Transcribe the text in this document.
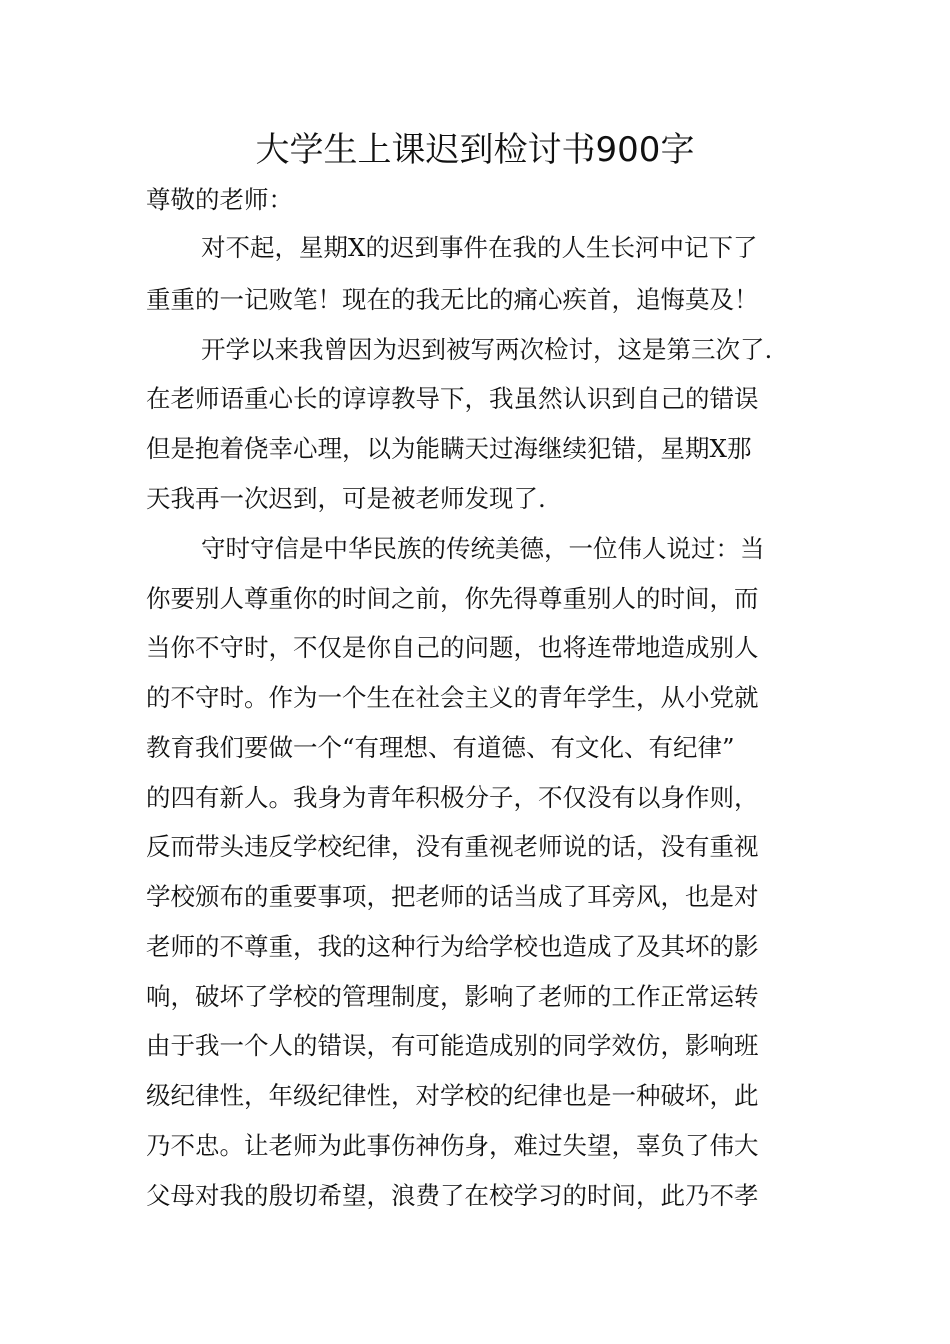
大学生上课迟到检讨书900字
尊敬的老师：
对不起，星期X的迟到事件在我的人生长河中记下了
重重的一记败笔！现在的我无比的痛心疾首，追悔莫及！
开学以来我曾因为迟到被写两次检讨，这是第三次了.
在老师语重心长的谆谆教导下，我虽然认识到自己的错误
但是抱着侥幸心理，以为能瞒天过海继续犯错，星期X那
天我再一次迟到，可是被老师发现了.
守时守信是中华民族的传统美德，一位伟人说过：当
你要别人尊重你的时间之前，你先得尊重别人的时间，而
当你不守时，不仅是你自己的问题，也将连带地造成别人
的不守时。作为一个生在社会主义的青年学生，从小党就
教育我们要做一个“有理想、有道德、有文化、有纪律”
的四有新人。我身为青年积极分子，不仅没有以身作则，
反而带头违反学校纪律，没有重视老师说的话，没有重视
学校颁布的重要事项，把老师的话当成了耳旁风，也是对
老师的不尊重，我的这种行为给学校也造成了及其坏的影
响，破坏了学校的管理制度，影响了老师的工作正常运转
由于我一个人的错误，有可能造成别的同学效仿，影响班
级纪律性，年级纪律性，对学校的纪律也是一种破坏，此
乃不忠。让老师为此事伤神伤身，难过失望，辜负了伟大
父母对我的殷切希望，浪费了在校学习的时间，此乃不孝
